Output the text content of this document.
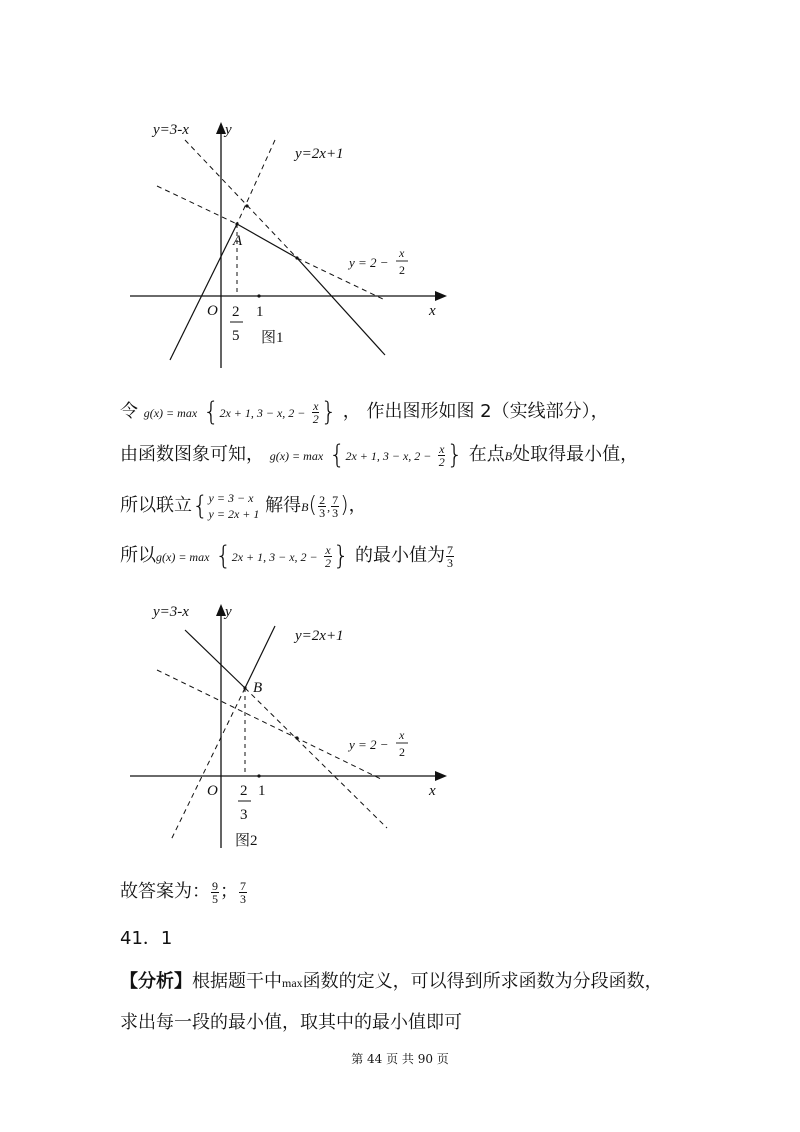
y=3-x y
y=2x+1
A
y = 2 −
x
2
O 2
5
1	x
图1
令 g(x) = max {2x + 1, 3 − x, $2 - \frac{x}{2}$ } ， 作出图形如图 2（实线部分），
由函数图象可知， g(x) = max {2x + 1, 3 − x, $2 - \frac{x}{2}$ } 在点B处取得最小值，
所以联立{ y = 3 − x
y = 2x + 1 解得$B( \frac{2}{3}$ , $\frac{7}{3}$ )，
所以g(x) = max {2x + 1, 3 − x, $2 - \frac{x}{2}$ } 的最小值为 $\frac{7}{3}$
y=3-x y
y=2x+1
B
y = 2 −
x
2
O 2
3
1	x
图2
故答案为： $\frac{9}{5}$ ； $\frac{7}{3}$
41．1
【分析】根据题干中max函数的定义，可以得到所求函数为分段函数，
求出每一段的最小值，取其中的最小值即可
第 44 页 共 90 页
